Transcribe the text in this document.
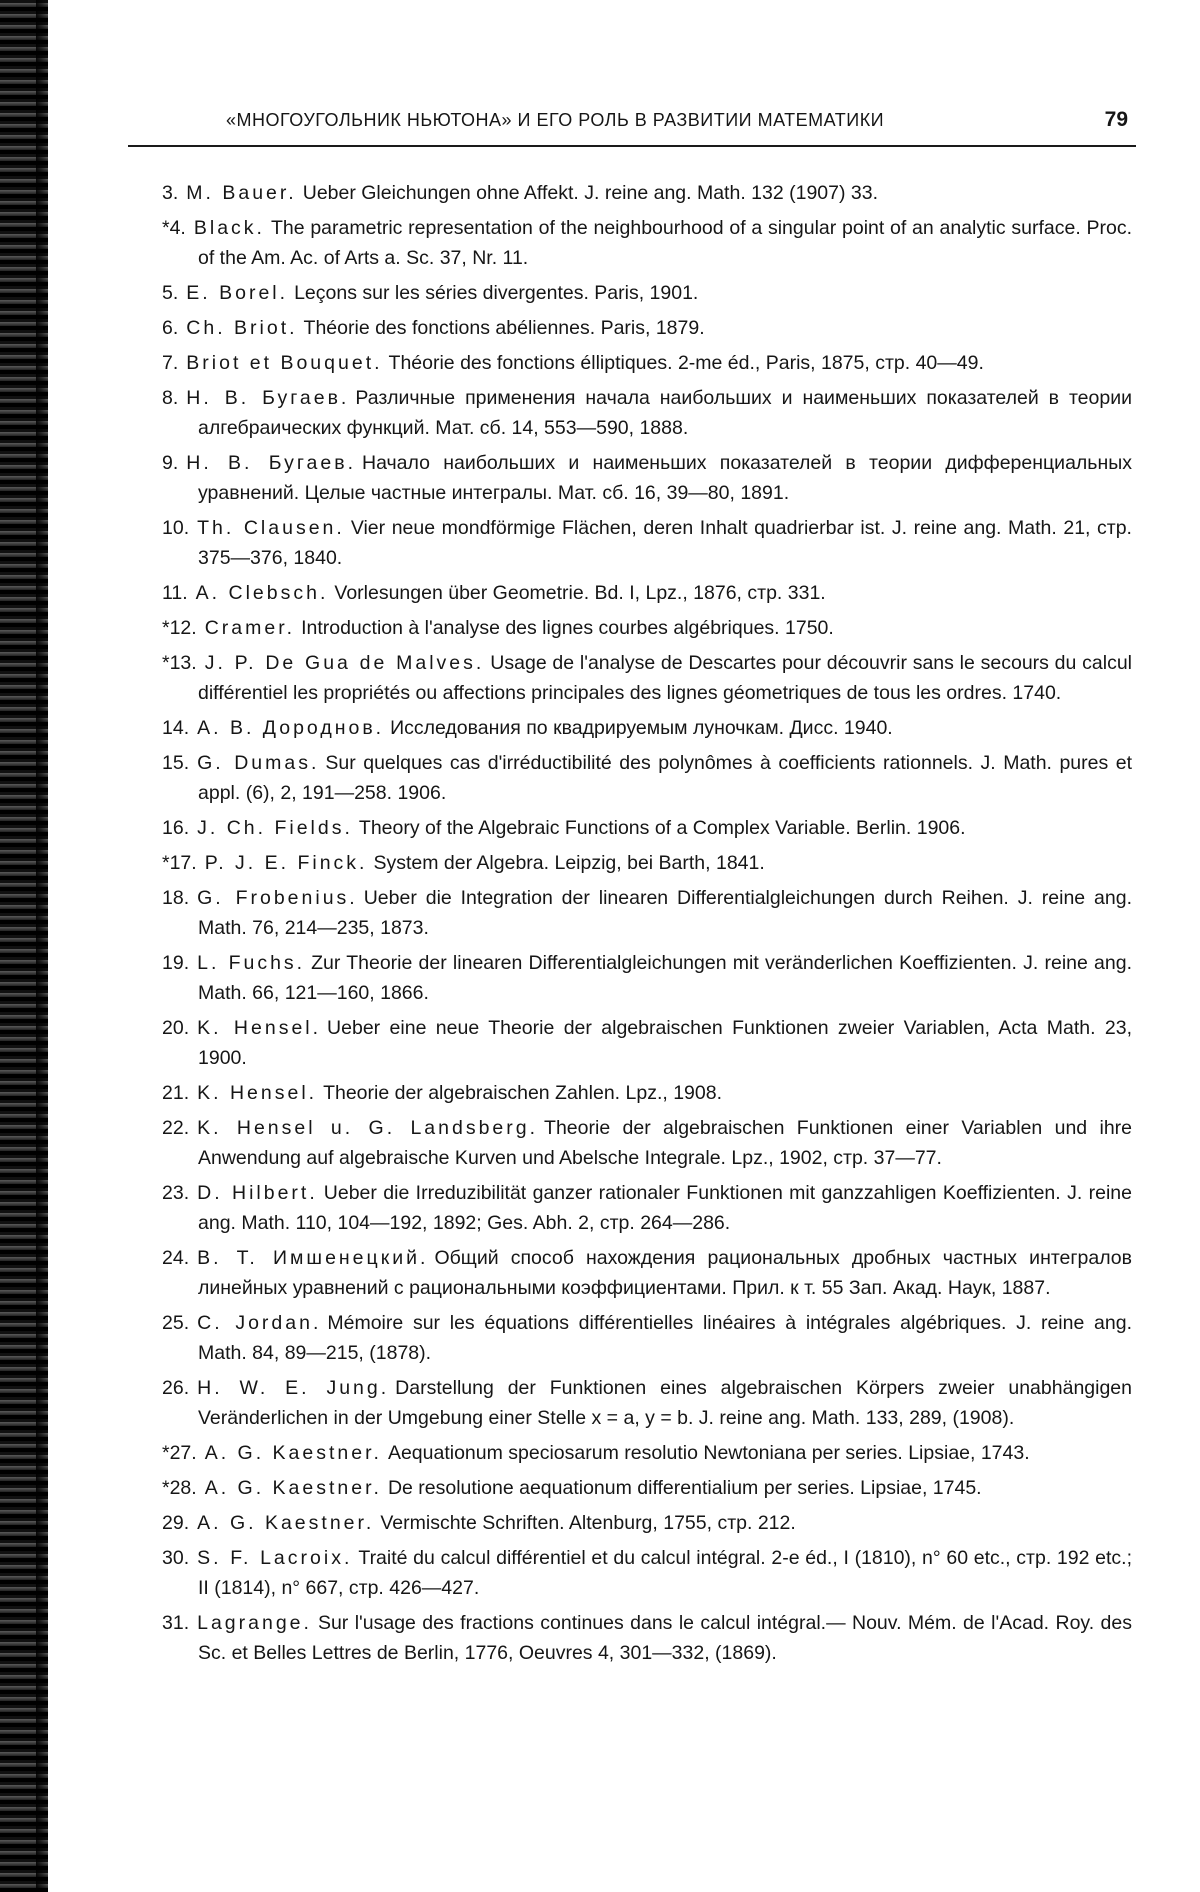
«МНОГОУГОЛЬНИК НЬЮТОНА» И ЕГО РОЛЬ В РАЗВИТИИ МАТЕМАТИКИ	79
3. M. Bauer. Ueber Gleichungen ohne Affekt. J. reine ang. Math. 132 (1907) 33.
*4. Black. The parametric representation of the neighbourhood of a singular point of an analytic surface. Proc. of the Am. Ac. of Arts a. Sc. 37, Nr. 11.
5. E. Borel. Leçons sur les séries divergentes. Paris, 1901.
6. Ch. Briot. Théorie des fonctions abéliennes. Paris, 1879.
7. Briot et Bouquet. Théorie des fonctions élliptiques. 2-me éd., Paris, 1875, стр. 40—49.
8. Н. В. Бугаев. Различные применения начала наибольших и наименьших показателей в теории алгебраических функций. Мат. сб. 14, 553—590, 1888.
9. Н. В. Бугаев. Начало наибольших и наименьших показателей в теории дифференциальных уравнений. Целые частные интегралы. Мат. сб. 16, 39—80, 1891.
10. Th. Clausen. Vier neue mondförmige Flächen, deren Inhalt quadrierbar ist. J. reine ang. Math. 21, стр. 375—376, 1840.
11. A. Clebsch. Vorlesungen über Geometrie. Bd. I, Lpz., 1876, стр. 331.
*12. Cramer. Introduction à l'analyse des lignes courbes algébriques. 1750.
*13. J. P. De Gua de Malves. Usage de l'analyse de Descartes pour découvrir sans le secours du calcul différentiel les propriétés ou affections principales des lignes géometriques de tous les ordres. 1740.
14. А. В. Дороднов. Исследования по квадрируемым луночкам. Дисс. 1940.
15. G. Dumas. Sur quelques cas d'irréductibilité des polynômes à coefficients rationnels. J. Math. pures et appl. (6), 2, 191—258. 1906.
16. J. Ch. Fields. Theory of the Algebraic Functions of a Complex Variable. Berlin. 1906.
*17. P. J. E. Finck. System der Algebra. Leipzig, bei Barth, 1841.
18. G. Frobenius. Ueber die Integration der linearen Differentialgleichungen durch Reihen. J. reine ang. Math. 76, 214—235, 1873.
19. L. Fuchs. Zur Theorie der linearen Differentialgleichungen mit veränderlichen Koeffizienten. J. reine ang. Math. 66, 121—160, 1866.
20. K. Hensel. Ueber eine neue Theorie der algebraischen Funktionen zweier Variablen, Acta Math. 23, 1900.
21. K. Hensel. Theorie der algebraischen Zahlen. Lpz., 1908.
22. K. Hensel u. G. Landsberg. Theorie der algebraischen Funktionen einer Variablen und ihre Anwendung auf algebraische Kurven und Abelsche Integrale. Lpz., 1902, стр. 37—77.
23. D. Hilbert. Ueber die Irreduzibilität ganzer rationaler Funktionen mit ganzzahligen Koeffizienten. J. reine ang. Math. 110, 104—192, 1892; Ges. Abh. 2, стр. 264—286.
24. В. Т. Имшенецкий. Общий способ нахождения рациональных дробных частных интегралов линейных уравнений с рациональными коэффициентами. Прил. к т. 55 Зап. Акад. Наук, 1887.
25. C. Jordan. Mémoire sur les équations différentielles linéaires à intégrales algébriques. J. reine ang. Math. 84, 89—215, (1878).
26. H. W. E. Jung. Darstellung der Funktionen eines algebraischen Körpers zweier unabhängigen Veränderlichen in der Umgebung einer Stelle x = a, y = b. J. reine ang. Math. 133, 289, (1908).
*27. A. G. Kaestner. Aequationum speciosarum resolutio Newtoniana per series. Lipsiae, 1743.
*28. A. G. Kaestner. De resolutione aequationum differentialium per series. Lipsiae, 1745.
29. A. G. Kaestner. Vermischte Schriften. Altenburg, 1755, стр. 212.
30. S. F. Lacroix. Traité du calcul différentiel et du calcul intégral. 2-e éd., I (1810), n° 60 etc., стр. 192 etc.; II (1814), n° 667, стр. 426—427.
31. Lagrange. Sur l'usage des fractions continues dans le calcul intégral.— Nouv. Mém. de l'Acad. Roy. des Sc. et Belles Lettres de Berlin, 1776, Oeuvres 4, 301—332, (1869).
